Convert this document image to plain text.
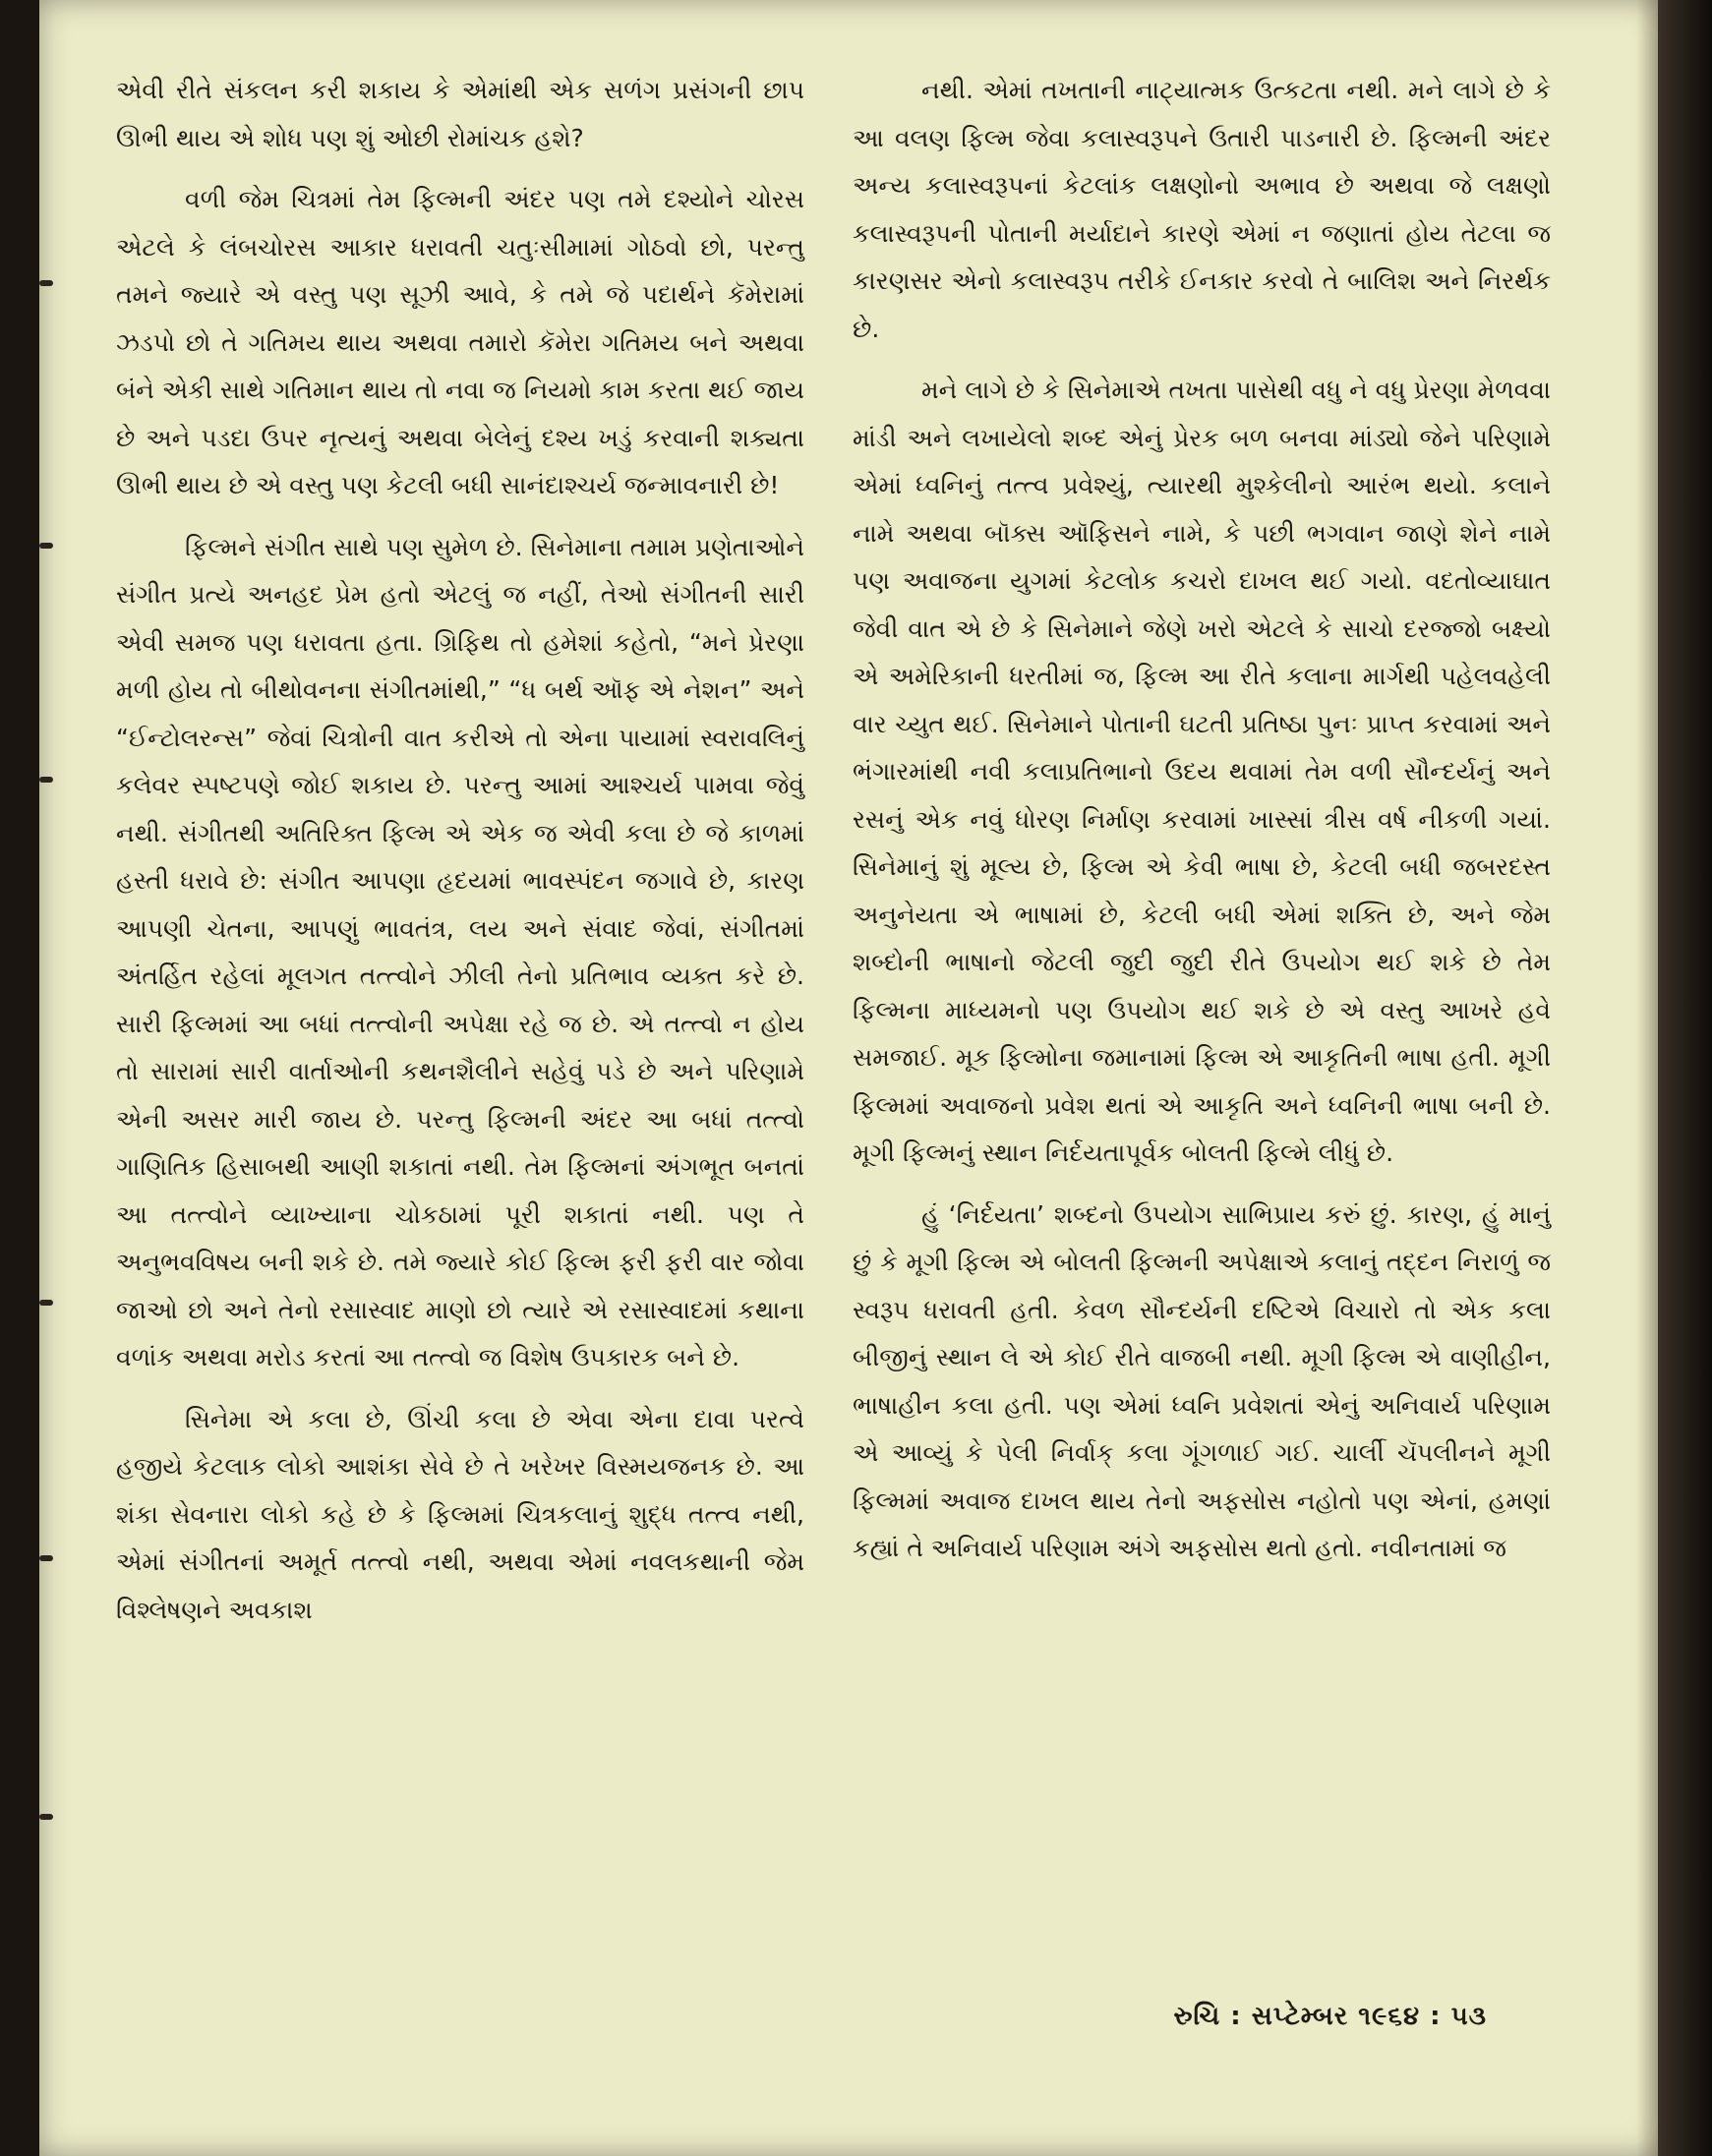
એવી રીતે સંકલન કરી શકાય કે એમાંથી એક સળંગ પ્રસંગની છાપ ઊભી થાય એ શોધ પણ શું ઓછી રોમાંચક હશે?

વળી જેમ ચિત્રમાં તેમ ફિલ્મની અંદર પણ તમે દશ્યોને ચોરસ એટલે કે લંબચોરસ આકાર ધરાવતી ચતુઃસીમામાં ગોઠવો છો, પરન્તુ તમને જ્યારે એ વસ્તુ પણ સૂઝી આવે, કે તમે જે પદાર્થને કૅમેરામાં ઝડપો છો તે ગતિમય થાય અથવા તમારો કૅમેરા ગતિમય બને અથવા બંને એકી સાથે ગતિમાન થાય તો નવા જ નિયમો કામ કરતા થઈ જાય છે અને પડદા ઉપર નૃત્યનું અથવા બેલેનું દશ્ય ખડું કરવાની શક્યતા ઊભી થાય છે એ વસ્તુ પણ કેટલી બધી સાનંદાશ્ચર્ય જન્માવનારી છે!

ફિલ્મને સંગીત સાથે પણ સુમેળ છે. સિનેમાના તમામ પ્રણેતાઓને સંગીત પ્રત્યે અનહદ પ્રેમ હતો એટલું જ નહીં, તેઓ સંગીતની સારી એવી સમજ પણ ધરાવતા હતા. ગ્રિફિથ તો હમેશાં કહેતો, “મને પ્રેરણા મળી હોય તો બીથોવનના સંગીતમાંથી,” “ધ બર્થ ઑફ એ નેશન” અને “ઈન્ટોલરન્સ” જેવાં ચિત્રોની વાત કરીએ તો એના પાયામાં સ્વરાવલિનું કલેવર સ્પષ્ટપણે જોઈ શકાય છે. પરન્તુ આમાં આશ્ચર્ય પામવા જેવું નથી. સંગીતથી અતિરિક્ત ફિલ્મ એ એક જ એવી કલા છે જે કાળમાં હસ્તી ધરાવે છે: સંગીત આપણા હૃદયમાં ભાવસ્પંદન જગાવે છે, કારણ આપણી ચેતના, આપણું ભાવતંત્ર, લય અને સંવાદ જેવાં, સંગીતમાં અંતર્હિત રહેલાં મૂલગત તત્ત્વોને ઝીલી તેનો પ્રતિભાવ વ્યક્ત કરે છે. સારી ફિલ્મમાં આ બધાં તત્ત્વોની અપેક્ષા રહે જ છે. એ તત્ત્વો ન હોય તો સારામાં સારી વાર્તાઓની કથનશૈલીને સહેવું પડે છે અને પરિણામે એની અસર મારી જાય છે. પરન્તુ ફિલ્મની અંદર આ બધાં તત્ત્વો ગાણિતિક હિસાબથી આણી શકાતાં નથી. તેમ ફિલ્મનાં અંગભૂત બનતાં આ તત્ત્વોને વ્યાખ્યાના ચોકઠામાં પૂરી શકાતાં નથી. પણ તે અનુભવવિષય બની શકે છે. તમે જ્યારે કોઈ ફિલ્મ ફરી ફરી વાર જોવા જાઓ છો અને તેનો રસાસ્વાદ માણો છો ત્યારે એ રસાસ્વાદમાં કથાના વળાંક અથવા મરોડ કરતાં આ તત્ત્વો જ વિશેષ ઉપકારક બને છે.

સિનેમા એ કલા છે, ઊંચી કલા છે એવા એના દાવા પરત્વે હજીયે કેટલાક લોકો આશંકા સેવે છે તે ખરેખર વિસ્મયજનક છે. આ શંકા સેવનારા લોકો કહે છે કે ફિલ્મમાં ચિત્રકલાનું શુદ્ધ તત્ત્વ નથી, એમાં સંગીતનાં અમૂર્ત તત્ત્વો નથી, અથવા એમાં નવલકથાની જેમ વિશ્લેષણને અવકાશ

નથી. એમાં તખતાની નાટ્યાત્મક ઉત્કટતા નથી. મને લાગે છે કે આ વલણ ફિલ્મ જેવા કલાસ્વરૂપને ઉતારી પાડનારી છે. ફિલ્મની અંદર અન્ય કલાસ્વરૂપનાં કેટલાંક લક્ષણોનો અભાવ છે અથવા જે લક્ષણો કલાસ્વરૂપની પોતાની મર્યાદાને કારણે એમાં ન જણાતાં હોય તેટલા જ કારણસર એનો કલાસ્વરૂપ તરીકે ઈનકાર કરવો તે બાલિશ અને નિરર્થક છે.

મને લાગે છે કે સિનેમાએ તખતા પાસેથી વધુ ને વધુ પ્રેરણા મેળવવા માંડી અને લખાયેલો શબ્દ એનું પ્રેરક બળ બનવા માંડ્યો જેને પરિણામે એમાં ધ્વનિનું તત્ત્વ પ્રવેશ્યું, ત્યારથી મુશ્કેલીનો આરંભ થયો. કલાને નામે અથવા બૉક્સ ઑફિસને નામે, કે પછી ભગવાન જાણે શેને નામે પણ અવાજના યુગમાં કેટલોક કચરો દાખલ થઈ ગયો. વદતોવ્યાઘાત જેવી વાત એ છે કે સિનેમાને જેણે ખરો એટલે કે સાચો દરજ્જો બક્ષ્યો એ અમેરિકાની ધરતીમાં જ, ફિલ્મ આ રીતે કલાના માર્ગથી પહેલવહેલી વાર ચ્યુત થઈ. સિનેમાને પોતાની ઘટતી પ્રતિષ્ઠા પુનઃ પ્રાપ્ત કરવામાં અને ભંગારમાંથી નવી કલાપ્રતિભાનો ઉદય થવામાં તેમ વળી સૌન્દર્યનું અને રસનું એક નવું ધોરણ નિર્માણ કરવામાં ખાસ્સાં ત્રીસ વર્ષ નીકળી ગયાં. સિનેમાનું શું મૂલ્ય છે, ફિલ્મ એ કેવી ભાષા છે, કેટલી બધી જબરદસ્ત અનુનેયતા એ ભાષામાં છે, કેટલી બધી એમાં શક્તિ છે, અને જેમ શબ્દોની ભાષાનો જેટલી જુદી જુદી રીતે ઉપયોગ થઈ શકે છે તેમ ફિલ્મના માધ્યમનો પણ ઉપયોગ થઈ શકે છે એ વસ્તુ આખરે હવે સમજાઈ. મૂક ફિલ્મોના જમાનામાં ફિલ્મ એ આકૃતિની ભાષા હતી. મૂગી ફિલ્મમાં અવાજનો પ્રવેશ થતાં એ આકૃતિ અને ધ્વનિની ભાષા બની છે. મૂગી ફિલ્મનું સ્થાન નિર્દયતાપૂર્વક બોલતી ફિલ્મે લીધું છે.

હું ‘નિર્દયતા’ શબ્દનો ઉપયોગ સાભિપ્રાય કરું છું. કારણ, હું માનું છું કે મૂગી ફિલ્મ એ બોલતી ફિલ્મની અપેક્ષાએ કલાનું તદ્દન નિરાળું જ સ્વરૂપ ધરાવતી હતી. કેવળ સૌન્દર્યની દષ્ટિએ વિચારો તો એક કલા બીજીનું સ્થાન લે એ કોઈ રીતે વાજબી નથી. મૂગી ફિલ્મ એ વાણીહીન, ભાષાહીન કલા હતી. પણ એમાં ધ્વનિ પ્રવેશતાં એનું અનિવાર્ય પરિણામ એ આવ્યું કે પેલી નિર્વાક્ કલા ગૂંગળાઈ ગઈ. ચાર્લી ચૅપલીનને મૂગી ફિલ્મમાં અવાજ દાખલ થાય તેનો અફસોસ નહોતો પણ એનાં, હમણાં કહ્યાં તે અનિવાર્ય પરિણામ અંગે અફસોસ થતો હતો. નવીનતામાં જ

રુચિ : સપ્ટેમ્બર ૧૯૬૪ : ૫૩
